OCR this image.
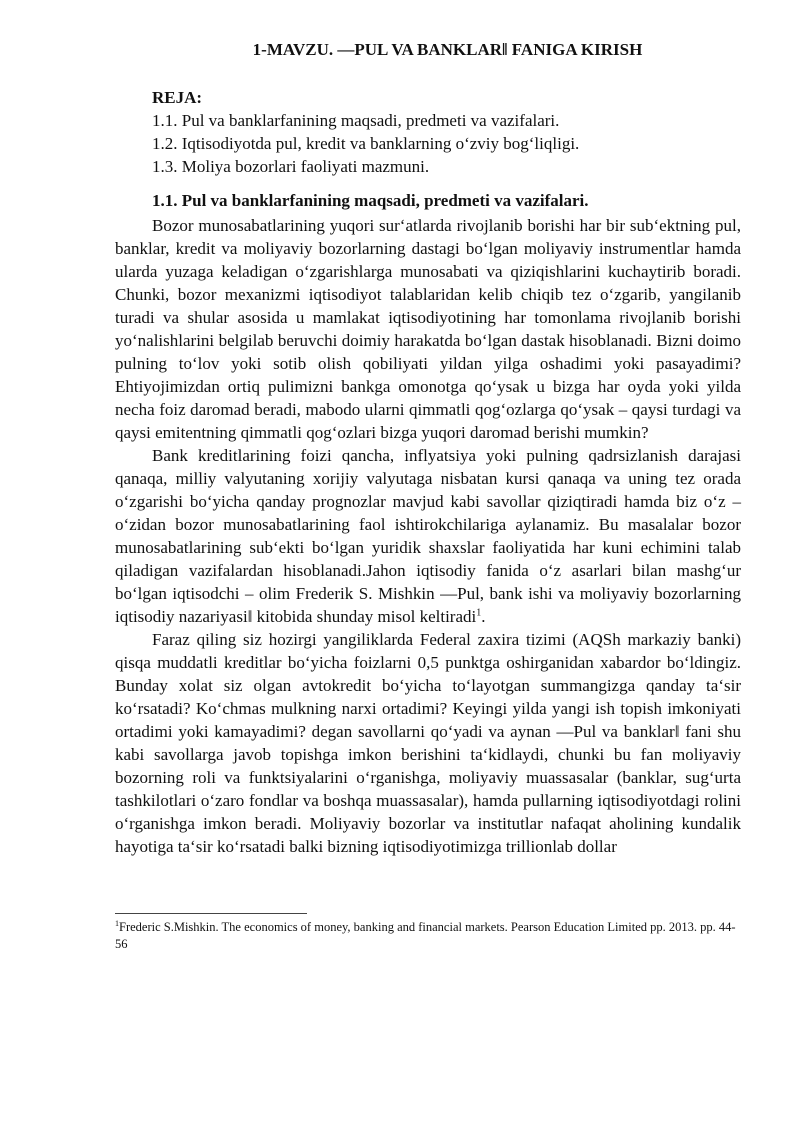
1-MAVZU. ―PUL VA BANKLAR‖ FANIGA KIRISH
REJA:
1.1. Pul va banklarfanining maqsadi, predmeti va vazifalari.
1.2. Iqtisodiyotda pul, kredit va banklarning o‘zviy bog‘liqligi.
1.3. Moliya bozorlari faoliyati mazmuni.
1.1. Pul va banklarfanining maqsadi, predmeti va vazifalari.

Bozor munosabatlarining yuqori sur‘atlarda rivojlanib borishi har bir sub‘ektning pul, banklar, kredit va moliyaviy bozorlarning dastagi bo‘lgan moliyaviy instrumentlar hamda ularda yuzaga keladigan o‘zgarishlarga munosabati va qiziqishlarini kuchaytirib boradi. Chunki, bozor mexanizmi iqtisodiyot talablaridan kelib chiqib tez o‘zgarib, yangilanib turadi va shular asosida u mamlakat iqtisodiyotining har tomonlama rivojlanib borishi yo‘nalishlarini belgilab beruvchi doimiy harakatda bo‘lgan dastak hisoblanadi. Bizni doimo pulning to‘lov yoki sotib olish qobiliyati yildan yilga oshadimi yoki pasayadimi? Ehtiyojimizdan ortiq pulimizni bankga omonotga qo‘ysak u bizga har oyda yoki yilda necha foiz daromad beradi, mabodo ularni qimmatli qog‘ozlarga qo‘ysak – qaysi turdagi va qaysi emitentning qimmatli qog‘ozlari bizga yuqori daromad berishi mumkin?

Bank kreditlarining foizi qancha, inflyatsiya yoki pulning qadrsizlanish darajasi qanaqa, milliy valyutaning xorijiy valyutaga nisbatan kursi qanaqa va uning tez orada o‘zgarishi bo‘yicha qanday prognozlar mavjud kabi savollar qiziqtiradi hamda biz o‘z – o‘zidan bozor munosabatlarining faol ishtirokchilariga aylanamiz. Bu masalalar bozor munosabatlarining sub‘ekti bo‘lgan yuridik shaxslar faoliyatida har kuni echimini talab qiladigan vazifalardan hisoblanadi.Jahon iqtisodiy fanida o‘z asarlari bilan mashg‘ur bo‘lgan iqtisodchi – olim Frederik S. Mishkin ―Pul, bank ishi va moliyaviy bozorlarning iqtisodiy nazariyasi‖ kitobida shunday misol keltiradi$^1$.

Faraz qiling siz hozirgi yangiliklarda Federal zaxira tizimi (AQSh markaziy banki) qisqa muddatli kreditlar bo‘yicha foizlarni 0,5 punktga oshirganidan xabardor bo‘ldingiz. Bunday xolat siz olgan avtokredit bo‘yicha to‘layotgan summangizga qanday ta‘sir ko‘rsatadi? Ko‘chmas mulkning narxi ortadimi? Keyingi yilda yangi ish topish imkoniyati ortadimi yoki kamayadimi? degan savollarni qo‘yadi va aynan ―Pul va banklar‖ fani shu kabi savollarga javob topishga imkon berishini ta‘kidlaydi, chunki bu fan moliyaviy bozorning roli va funktsiyalarini o‘rganishga, moliyaviy muassasalar (banklar, sug‘urta tashkilotlari o‘zaro fondlar va boshqa muassasalar), hamda pullarning iqtisodiyotdagi rolini o‘rganishga imkon beradi. Moliyaviy bozorlar va institutlar nafaqat aholining kundalik hayotiga ta‘sir ko‘rsatadi balki bizning iqtisodiyotimizga trillionlab dollar

$^1$Frederic S.Mishkin. The economics of money, banking and financial markets. Pearson Education Limited pp. 2013. pp. 44-56
